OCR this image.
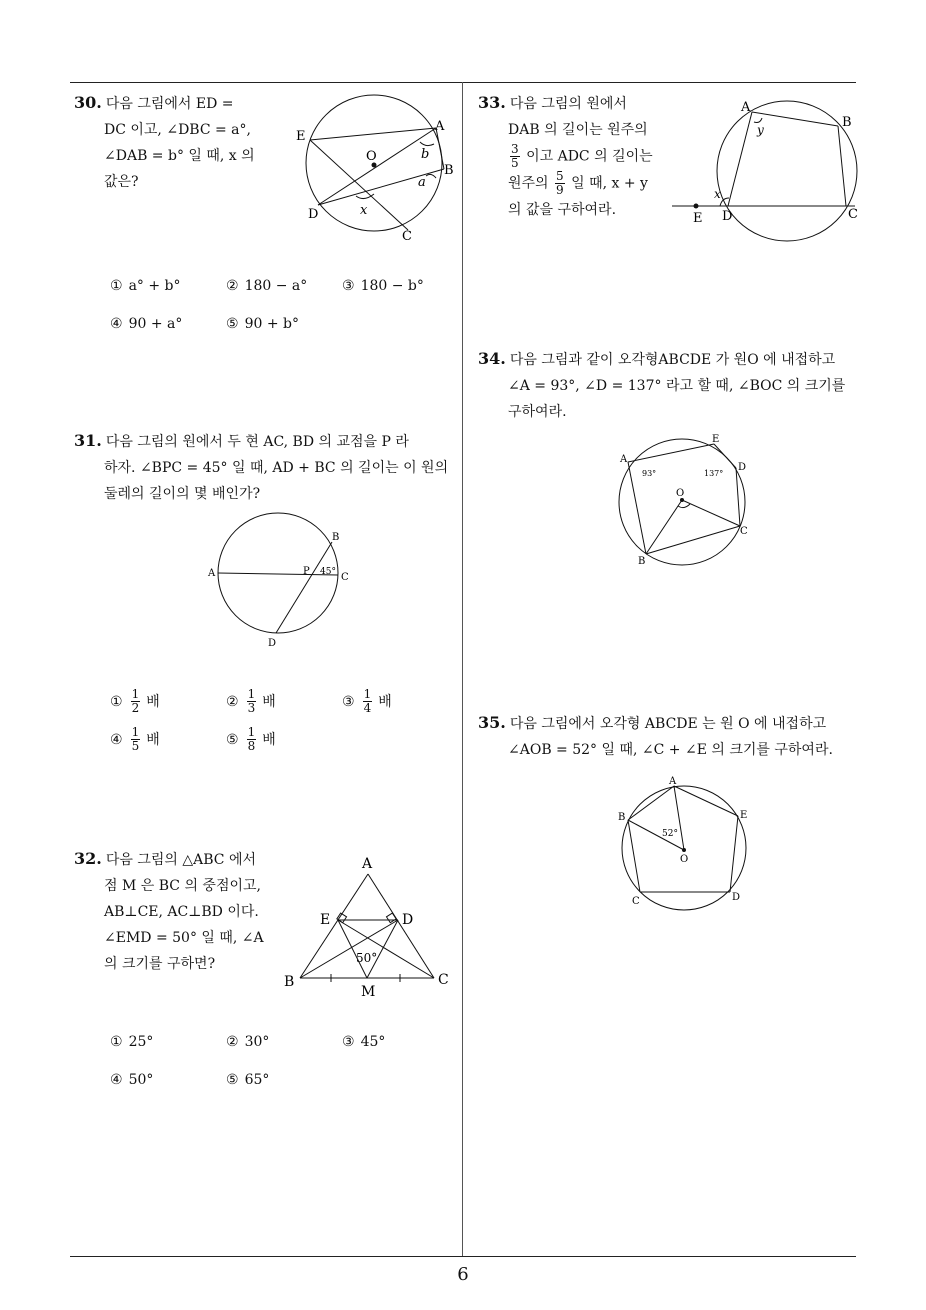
6
30. 다음 그림에서 ED =
DC 이고, ∠DBC = a°,
∠DAB = b° 일 때, x 의
값은?
E
A
O	b
B
a
x
D
C
① a° + b°	② 180 − a° ③ 180 − b°
④ 90 + a°	⑤ 90 + b°
31. 다음 그림의 원에서 두 현 AC, BD 의 교점을 P 라
하자. ∠BPC = 45° 일 때, AD + BC 의 길이는 이 원의
둘레의 길이의 몇 배인가?
A
B
P 45° C
D
① $\frac{1}{2}$ 배	② $\frac{1}{3}$ 배	③ $\frac{1}{4}$ 배
④ $\frac{1}{5}$ 배	⑤ $\frac{1}{8}$ 배
32. 다음 그림의 △ABC 에서
점 M 은 BC 의 중점이고,
AB⊥CE, AC⊥BD 이다.
∠EMD = 50° 일 때, ∠A
의 크기를 구하면?
A
E	D
50°
B
M
C
① 25°	② 30°	③ 45°
④ 50°	⑤ 65°
33. 다음 그림의 원에서
DAB 의 길이는 원주의
$\frac{3}{5}$ 이고 ADC 의 길이는
원주의 $\frac{5}{9}$ 일 때, x + y
의 값을 구하여라.
A
y	B
x
E D	C
34. 다음 그림과 같이 오각형ABCDE 가 원O 에 내접하고
∠A = 93°, ∠D = 137° 라고 할 때, ∠BOC 의 크기를
구하여라.
A
93°
E
137°
D
O
C
B
35. 다음 그림에서 오각형 ABCDE 는 원 O 에 내접하고
∠AOB = 52° 일 때, ∠C + ∠E 의 크기를 구하여라.
A
B	E
52°
O
C	D
